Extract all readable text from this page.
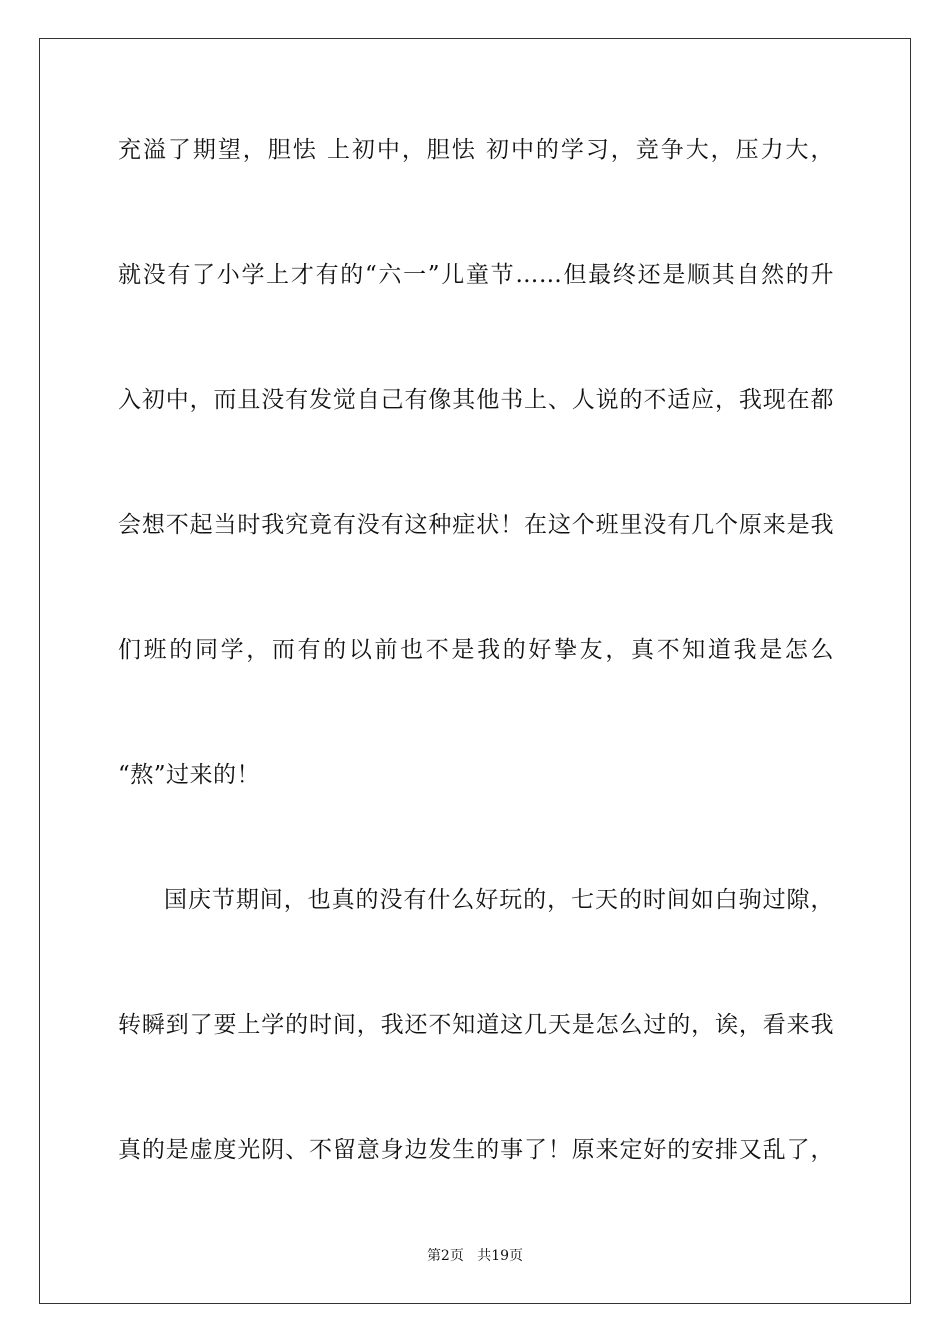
充溢了期望，胆怯 上初中，胆怯 初中的学习，竞争大，压力大，
就没有了小学上才有的“六一”儿童节……但最终还是顺其自然的升
入初中，而且没有发觉自己有像其他书上、人说的不适应，我现在都
会想不起当时我究竟有没有这种症状！在这个班里没有几个原来是我
们班的同学，而有的以前也不是我的好挚友，真不知道我是怎么
“熬”过来的！
国庆节期间，也真的没有什么好玩的，七天的时间如白驹过隙，
转瞬到了要上学的时间，我还不知道这几天是怎么过的，诶，看来我
真的是虚度光阴、不留意身边发生的事了！原来定好的安排又乱了，
第2页 共19页
